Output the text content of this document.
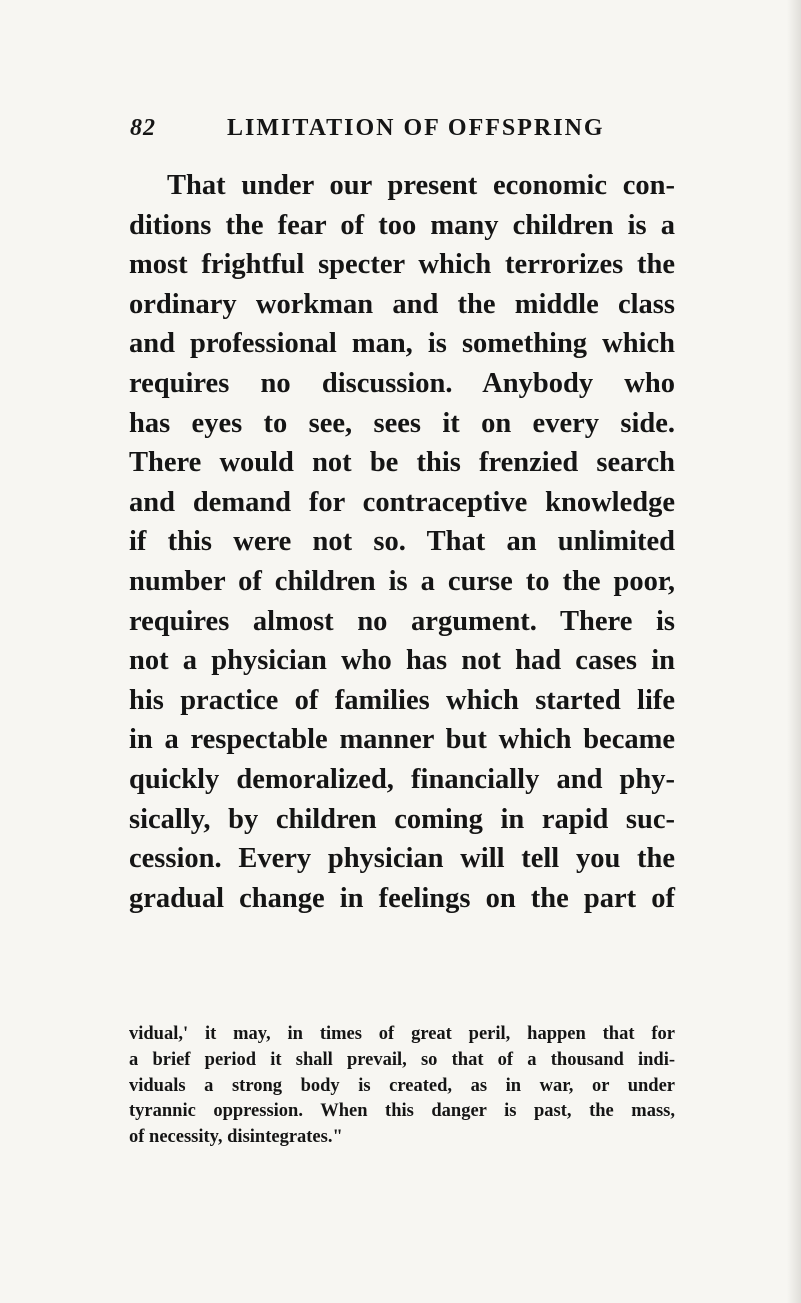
82	LIMITATION OF OFFSPRING
That under our present economic con-
ditions the fear of too many children is a
most frightful specter which terrorizes the
ordinary workman and the middle class
and professional man, is something which
requires no discussion. Anybody who
has eyes to see, sees it on every side.
There would not be this frenzied search
and demand for contraceptive knowledge
if this were not so. That an unlimited
number of children is a curse to the poor,
requires almost no argument. There is
not a physician who has not had cases in
his practice of families which started life
in a respectable manner but which became
quickly demoralized, financially and phy-
sically, by children coming in rapid suc-
cession. Every physician will tell you the
gradual change in feelings on the part of
vidual,' it may, in times of great peril, happen that for
a brief period it shall prevail, so that of a thousand indi-
viduals a strong body is created, as in war, or under
tyrannic oppression. When this danger is past, the mass,
of necessity, disintegrates."
